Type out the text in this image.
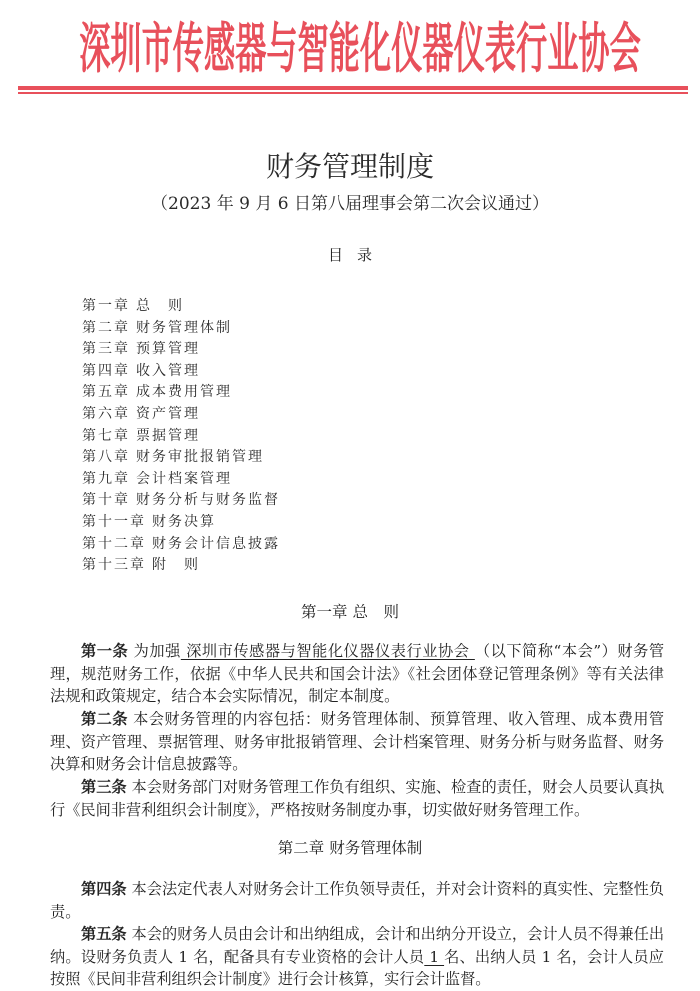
深圳市传感器与智能化仪器仪表行业协会
财务管理制度
（2023 年 9 月 6 日第八届理事会第二次会议通过）
目录
第一章 总　则
第二章 财务管理体制
第三章 预算管理
第四章 收入管理
第五章 成本费用管理
第六章 资产管理
第七章 票据管理
第八章 财务审批报销管理
第九章 会计档案管理
第十章 财务分析与财务监督
第十一章 财务决算
第十二章 财务会计信息披露
第十三章 附　则
第一章 总　则

第一条 为加强 深圳市传感器与智能化仪器仪表行业协会 （以下简称“本会”）财务管理，规范财务工作，依据《中华人民共和国会计法》《社会团体登记管理条例》等有关法律法规和政策规定，结合本会实际情况，制定本制度。

第二条 本会财务管理的内容包括：财务管理体制、预算管理、收入管理、成本费用管理、资产管理、票据管理、财务审批报销管理、会计档案管理、财务分析与财务监督、财务决算和财务会计信息披露等。

第三条 本会财务部门对财务管理工作负有组织、实施、检查的责任，财会人员要认真执行《民间非营利组织会计制度》，严格按财务制度办事，切实做好财务管理工作。

第二章 财务管理体制

第四条 本会法定代表人对财务会计工作负领导责任，并对会计资料的真实性、完整性负责。

第五条 本会的财务人员由会计和出纳组成，会计和出纳分开设立，会计人员不得兼任出纳。设财务负责人 1 名，配备具有专业资格的会计人员 1 名、出纳人员 1 名，会计人员应按照《民间非营利组织会计制度》进行会计核算，实行会计监督。
